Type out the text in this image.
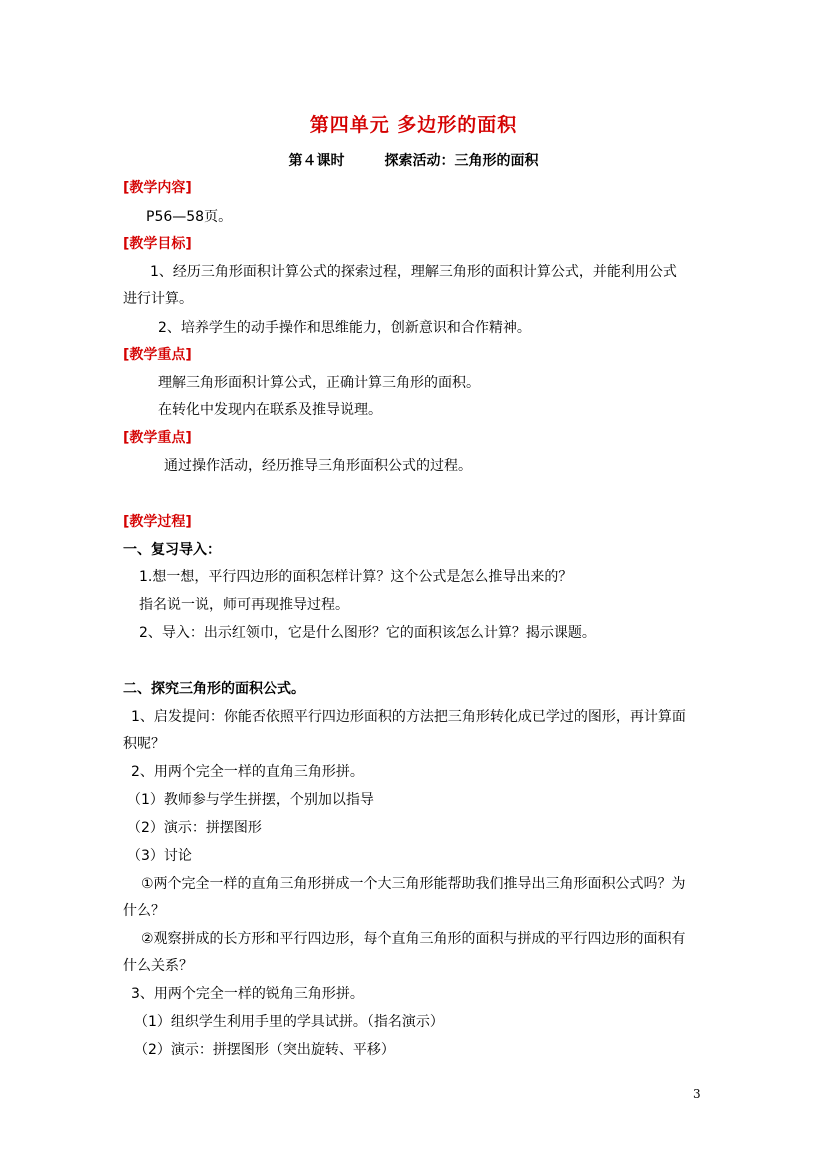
第四单元 多边形的面积
第４课时	探索活动：三角形的面积
[教学内容]
P56—58页。
[教学目标]
1、经历三角形面积计算公式的探索过程，理解三角形的面积计算公式，并能利用公式
进行计算。
2、培养学生的动手操作和思维能力，创新意识和合作精神。
[教学重点]
理解三角形面积计算公式，正确计算三角形的面积。
在转化中发现内在联系及推导说理。
[教学重点]
通过操作活动，经历推导三角形面积公式的过程。
[教学过程]
一、复习导入：
1.想一想，平行四边形的面积怎样计算？这个公式是怎么推导出来的？
指名说一说，师可再现推导过程。
2、导入：出示红领巾，它是什么图形？它的面积该怎么计算？揭示课题。
二、探究三角形的面积公式。
1、启发提问：你能否依照平行四边形面积的方法把三角形转化成已学过的图形，再计算面
积呢？
2、用两个完全一样的直角三角形拼。
（1）教师参与学生拼摆，个别加以指导
（2）演示：拼摆图形
（3）讨论
①两个完全一样的直角三角形拼成一个大三角形能帮助我们推导出三角形面积公式吗？为
什么？
②观察拼成的长方形和平行四边形，每个直角三角形的面积与拼成的平行四边形的面积有
什么关系？
3、用两个完全一样的锐角三角形拼。
（1）组织学生利用手里的学具试拼。（指名演示）
（2）演示：拼摆图形（突出旋转、平移）
3
